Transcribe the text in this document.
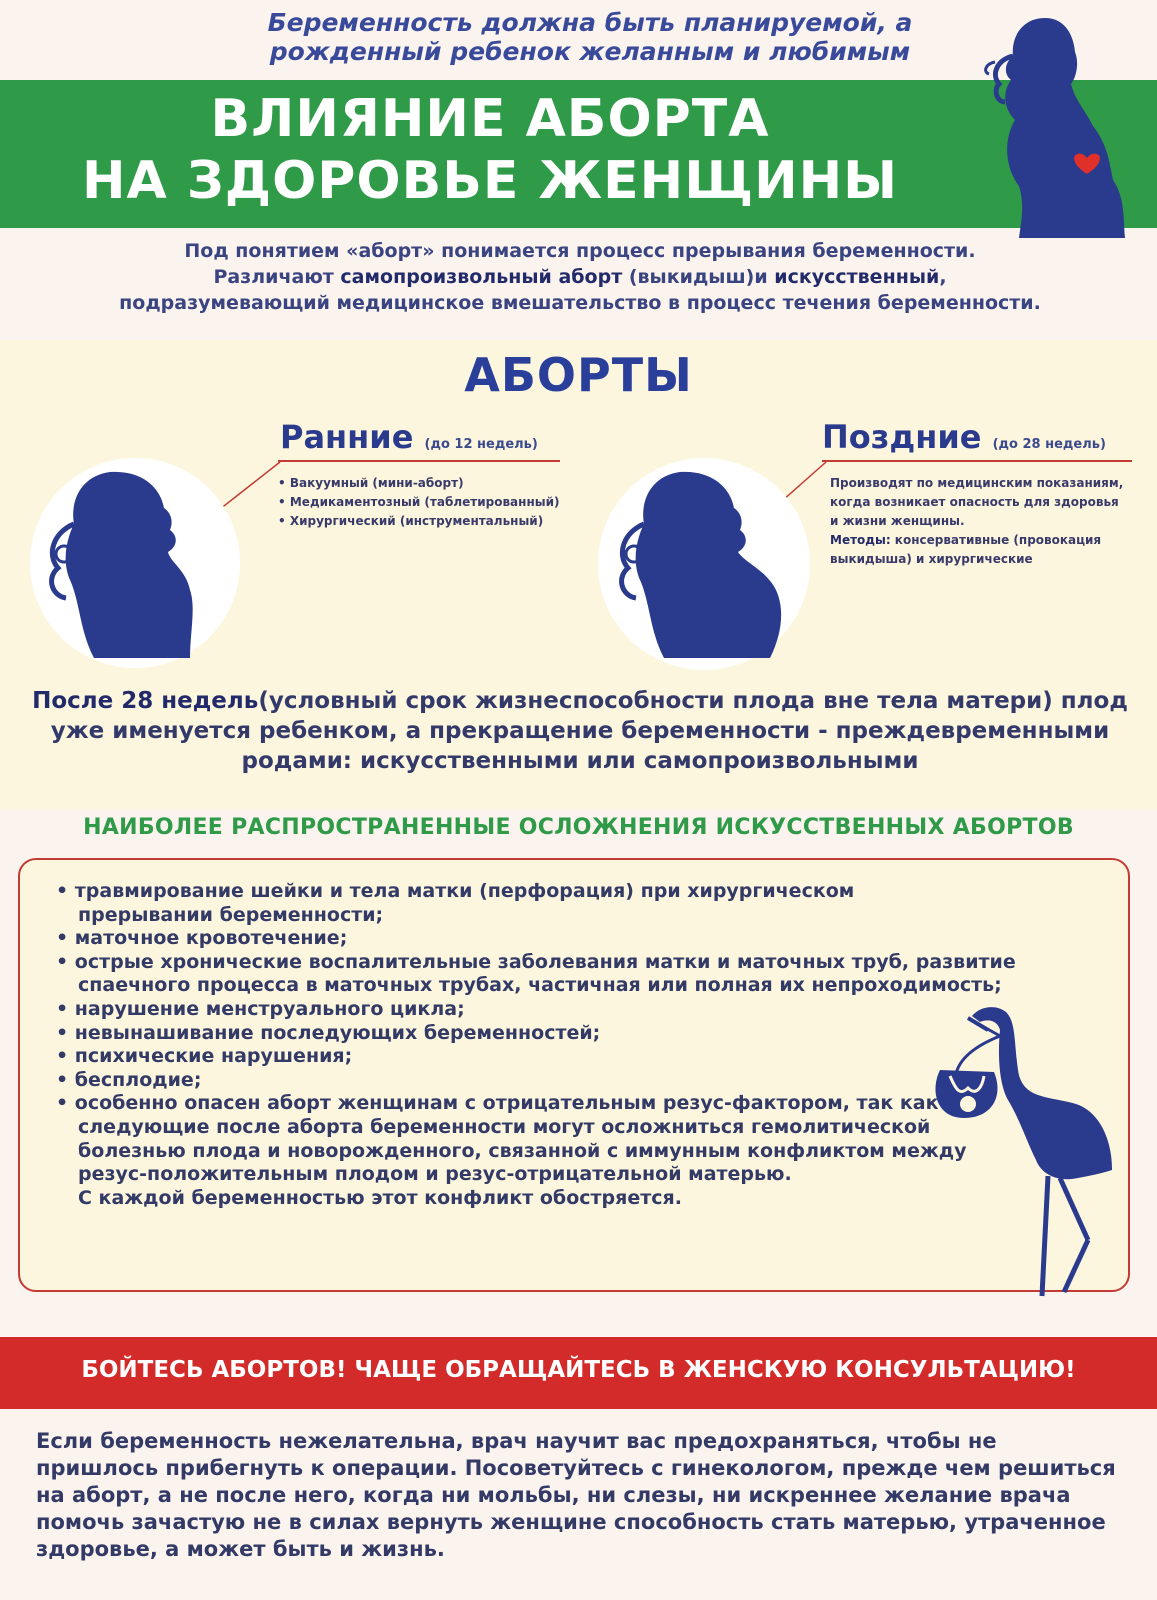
Беременность должна быть планируемой, а рожденный ребенок желанным и любимым
ВЛИЯНИЕ АБОРТА
НА ЗДОРОВЬЕ ЖЕНЩИНЫ
Под понятием «аборт» понимается процесс прерывания беременности.
Различают самопроизвольный аборт (выкидыш)и искусственный,
подразумевающий медицинское вмешательство в процесс течения беременности.
АБОРТЫ
Ранние (до 12 недель)
• Вакуумный (мини-аборт)
• Медикаментозный (таблетированный)
• Хирургический (инструментальный)
Поздние (до 28 недель)
Производят по медицинским показаниям, когда возникает опасность для здоровья и жизни женщины.
Методы: консервативные (провокация выкидыша) и хирургические
После 28 недель(условный срок жизнеспособности плода вне тела матери) плод уже именуется ребенком, а прекращение беременности - преждевременными родами: искусственными или самопроизвольными
НАИБОЛЕЕ РАСПРОСТРАНЕННЫЕ ОСЛОЖНЕНИЯ ИСКУССТВЕННЫХ АБОРТОВ
• травмирование шейки и тела матки (перфорация) при хирургическом прерывании беременности;
• маточное кровотечение;
• острые хронические воспалительные заболевания матки и маточных труб, развитие спаечного процесса в маточных трубах, частичная или полная их непроходимость;
• нарушение менструального цикла;
• невынашивание последующих беременностей;
• психические нарушения;
• бесплодие;
• особенно опасен аборт женщинам с отрицательным резус-фактором, так как следующие после аборта беременности могут осложниться гемолитической болезнью плода и новорожденного, связанной с иммунным конфликтом между резус-положительным плодом и резус-отрицательной матерью.
С каждой беременностью этот конфликт обостряется.
БОЙТЕСЬ АБОРТОВ! ЧАЩЕ ОБРАЩАЙТЕСЬ В ЖЕНСКУЮ КОНСУЛЬТАЦИЮ!
Если беременность нежелательна, врач научит вас предохраняться, чтобы не пришлось прибегнуть к операции. Посоветуйтесь с гинекологом, прежде чем решиться на аборт, а не после него, когда ни мольбы, ни слезы, ни искреннее желание врача помочь зачастую не в силах вернуть женщине способность стать матерью, утраченное здоровье, а может быть и жизнь.
